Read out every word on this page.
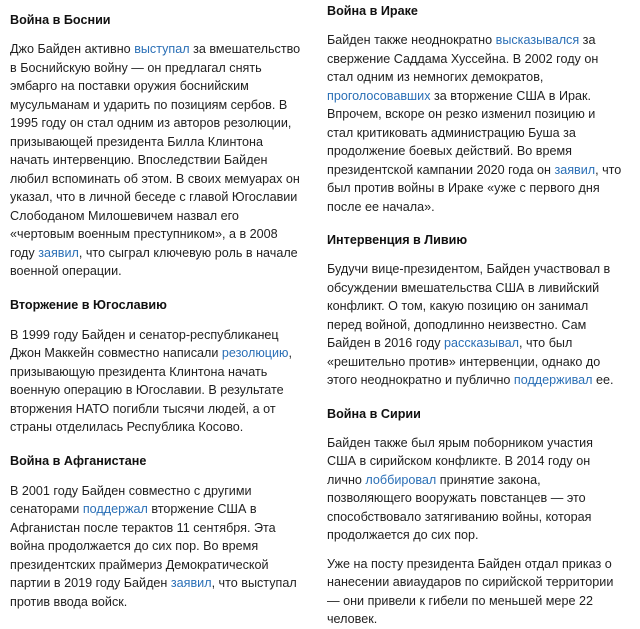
Война в Боснии

Джо Байден активно выступал за вмешательство в Боснийскую войну — он предлагал снять эмбарго на поставки оружия боснийским мусульманам и ударить по позициям сербов. В 1995 году он стал одним из авторов резолюции, призывающей президента Билла Клинтона начать интервенцию. Впоследствии Байден любил вспоминать об этом. В своих мемуарах он указал, что в личной беседе с главой Югославии Слободаном Милошевичем назвал его «чертовым военным преступником», а в 2008 году заявил, что сыграл ключевую роль в начале военной операции.

Вторжение в Югославию

В 1999 году Байден и сенатор-республиканец Джон Маккейн совместно написали резолюцию, призывающую президента Клинтона начать военную операцию в Югославии. В результате вторжения НАТО погибли тысячи людей, а от страны отделилась Республика Косово.

Война в Афганистане

В 2001 году Байден совместно с другими сенаторами поддержал вторжение США в Афганистан после терактов 11 сентября. Эта война продолжается до сих пор. Во время президентских праймериз Демократической партии в 2019 году Байден заявил, что выступал против ввода войск.

Война в Ираке

Байден также неоднократно высказывался за свержение Саддама Хуссейна. В 2002 году он стал одним из немногих демократов, проголосовавших за вторжение США в Ирак. Впрочем, вскоре он резко изменил позицию и стал критиковать администрацию Буша за продолжение боевых действий. Во время президентской кампании 2020 года он заявил, что был против войны в Ираке «уже с первого дня после ее начала».

Интервенция в Ливию

Будучи вице-президентом, Байден участвовал в обсуждении вмешательства США в ливийский конфликт. О том, какую позицию он занимал перед войной, доподлинно неизвестно. Сам Байден в 2016 году рассказывал, что был «решительно против» интервенции, однако до этого неоднократно и публично поддерживал ее.

Война в Сирии

Байден также был ярым поборником участия США в сирийском конфликте. В 2014 году он лично лоббировал принятие закона, позволяющего вооружать повстанцев — это способствовало затягиванию войны, которая продолжается до сих пор.

Уже на посту президента Байден отдал приказ о нанесении авиаударов по сирийской территории — они привели к гибели по меньшей мере 22 человек.
